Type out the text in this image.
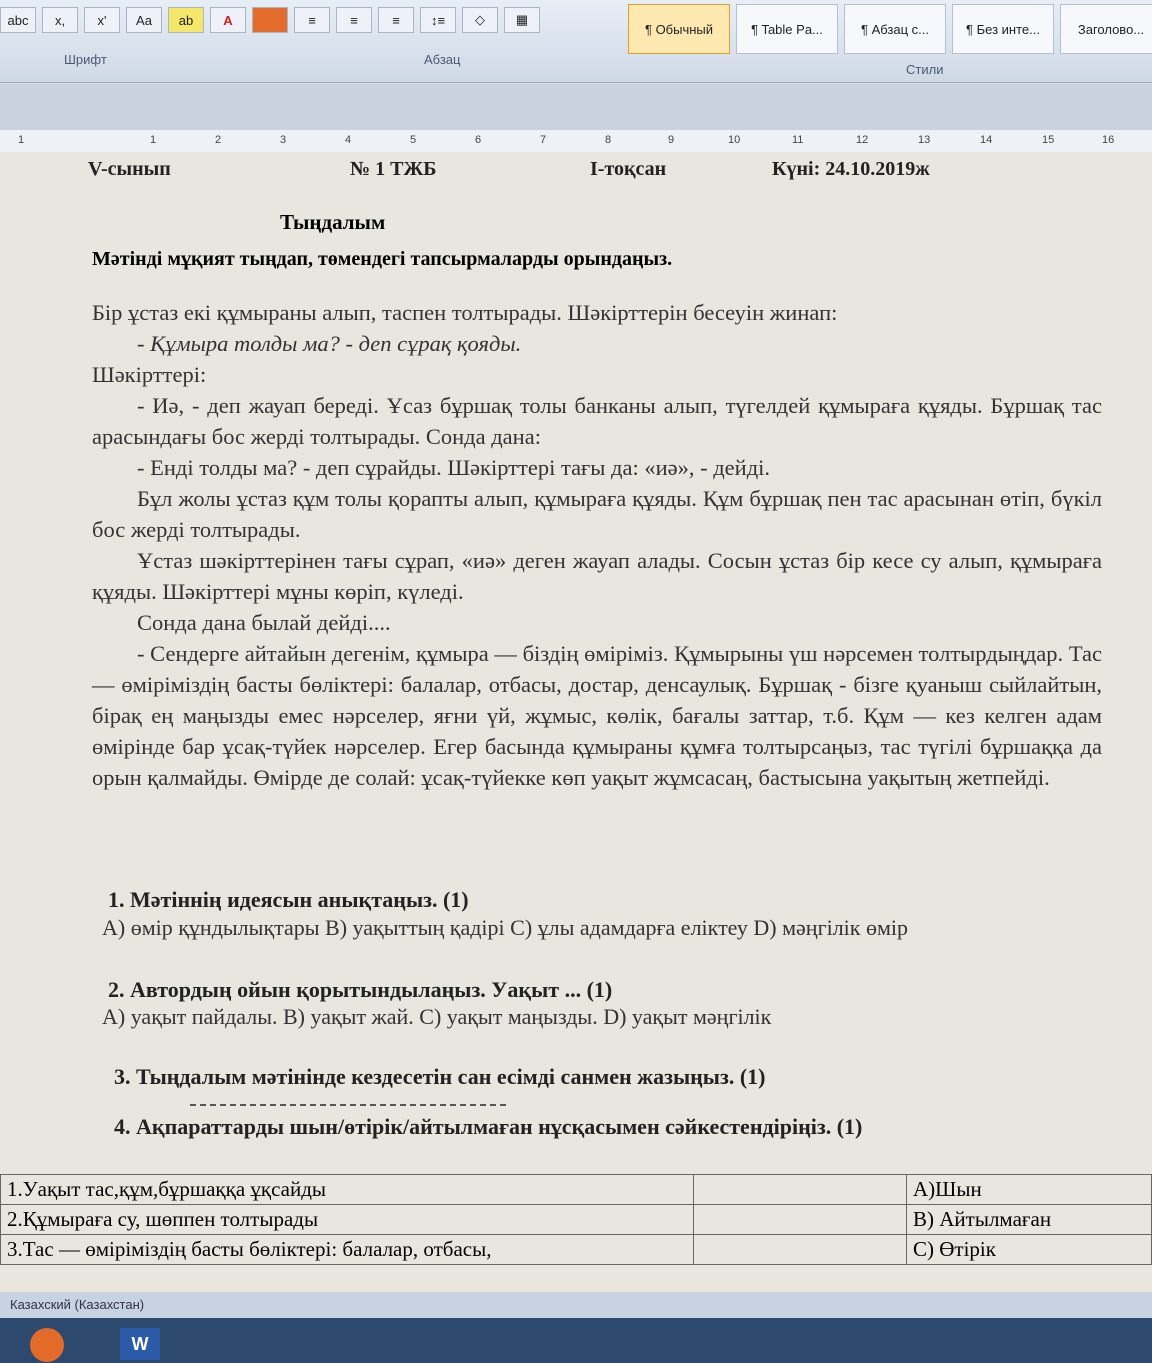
abc	x,	x'	Aa	ab	A	≡	≡	≡	↕≡	◇	▦
Шрифт	Абзац
Стили
¶ Обычный	¶ Table Pa...	¶ Абзац с...	¶ Без инте...	Заголово...
1	1	2	3	4	5	6	7	8	9	10	11	12	13	14	15	16
V-сынып	№ 1 ТЖБ	І-тоқсан	Күні: 24.10.2019ж
Тыңдалым
Мәтінді мұқият тыңдап, төмендегі тапсырмаларды орындаңыз.

Бір ұстаз екі құмыраны алып, таспен толтырады. Шәкірттерін бесеуін жинап:

- Құмыра толды ма? - деп сұрақ қояды.

Шәкірттері:

- Иә, - деп жауап береді. Ұсаз бұршақ толы банканы алып, түгелдей құмыраға құяды. Бұршақ тас арасындағы бос жерді толтырады. Сонда дана:

- Енді толды ма? - деп сұрайды. Шәкірттері тағы да: «иә», - дейді.

Бұл жолы ұстаз құм толы қорапты алып, құмыраға құяды. Құм бұршақ пен тас арасынан өтіп, бүкіл бос жерді толтырады.

Ұстаз шәкірттерінен тағы сұрап, «иә» деген жауап алады. Сосын ұстаз бір кесе су алып, құмыраға құяды. Шәкірттері мұны көріп, күледі.

Сонда дана былай дейді....

- Сендерге айтайын дегенім, құмыра — біздің өміріміз. Құмырыны үш нәрсемен толтырдыңдар. Тас — өміріміздің басты бөліктері: балалар, отбасы, достар, денсаулық. Бұршақ - бізге қуаныш сыйлайтын, бірақ ең маңызды емес нәрселер, яғни үй, жұмыс, көлік, бағалы заттар, т.б. Құм — кез келген адам өмірінде бар ұсақ-түйек нәрселер. Егер басында құмыраны құмға толтырсаңыз, тас түгілі бұршаққа да орын қалмайды. Өмірде де солай: ұсақ-түйекке көп уақыт жұмсасаң, бастысына уақытың жетпейді.

1. Мәтіннің идеясын анықтаңыз. (1)
A) өмір құндылықтары B) уақыттың қадірі C) ұлы адамдарға еліктеу D) мәңгілік өмір
2. Автордың ойын қорытындылаңыз. Уақыт ... (1)
A) уақыт пайдалы. B) уақыт жай. C) уақыт маңызды. D) уақыт мәңгілік
3. Тыңдалым мәтінінде кездесетін сан есімді санмен жазыңыз. (1)
4. Ақпараттарды шын/өтірік/айтылмаған нұсқасымен сәйкестендіріңіз. (1)
1.Уақыт тас,құм,бұршаққа ұқсайды		A)Шын
2.Құмыраға су, шөппен толтырады		B) Айтылмаған
3.Тас — өміріміздің басты бөліктері: балалар, отбасы,		C) Өтірік
Казахский (Казахстан)
W
